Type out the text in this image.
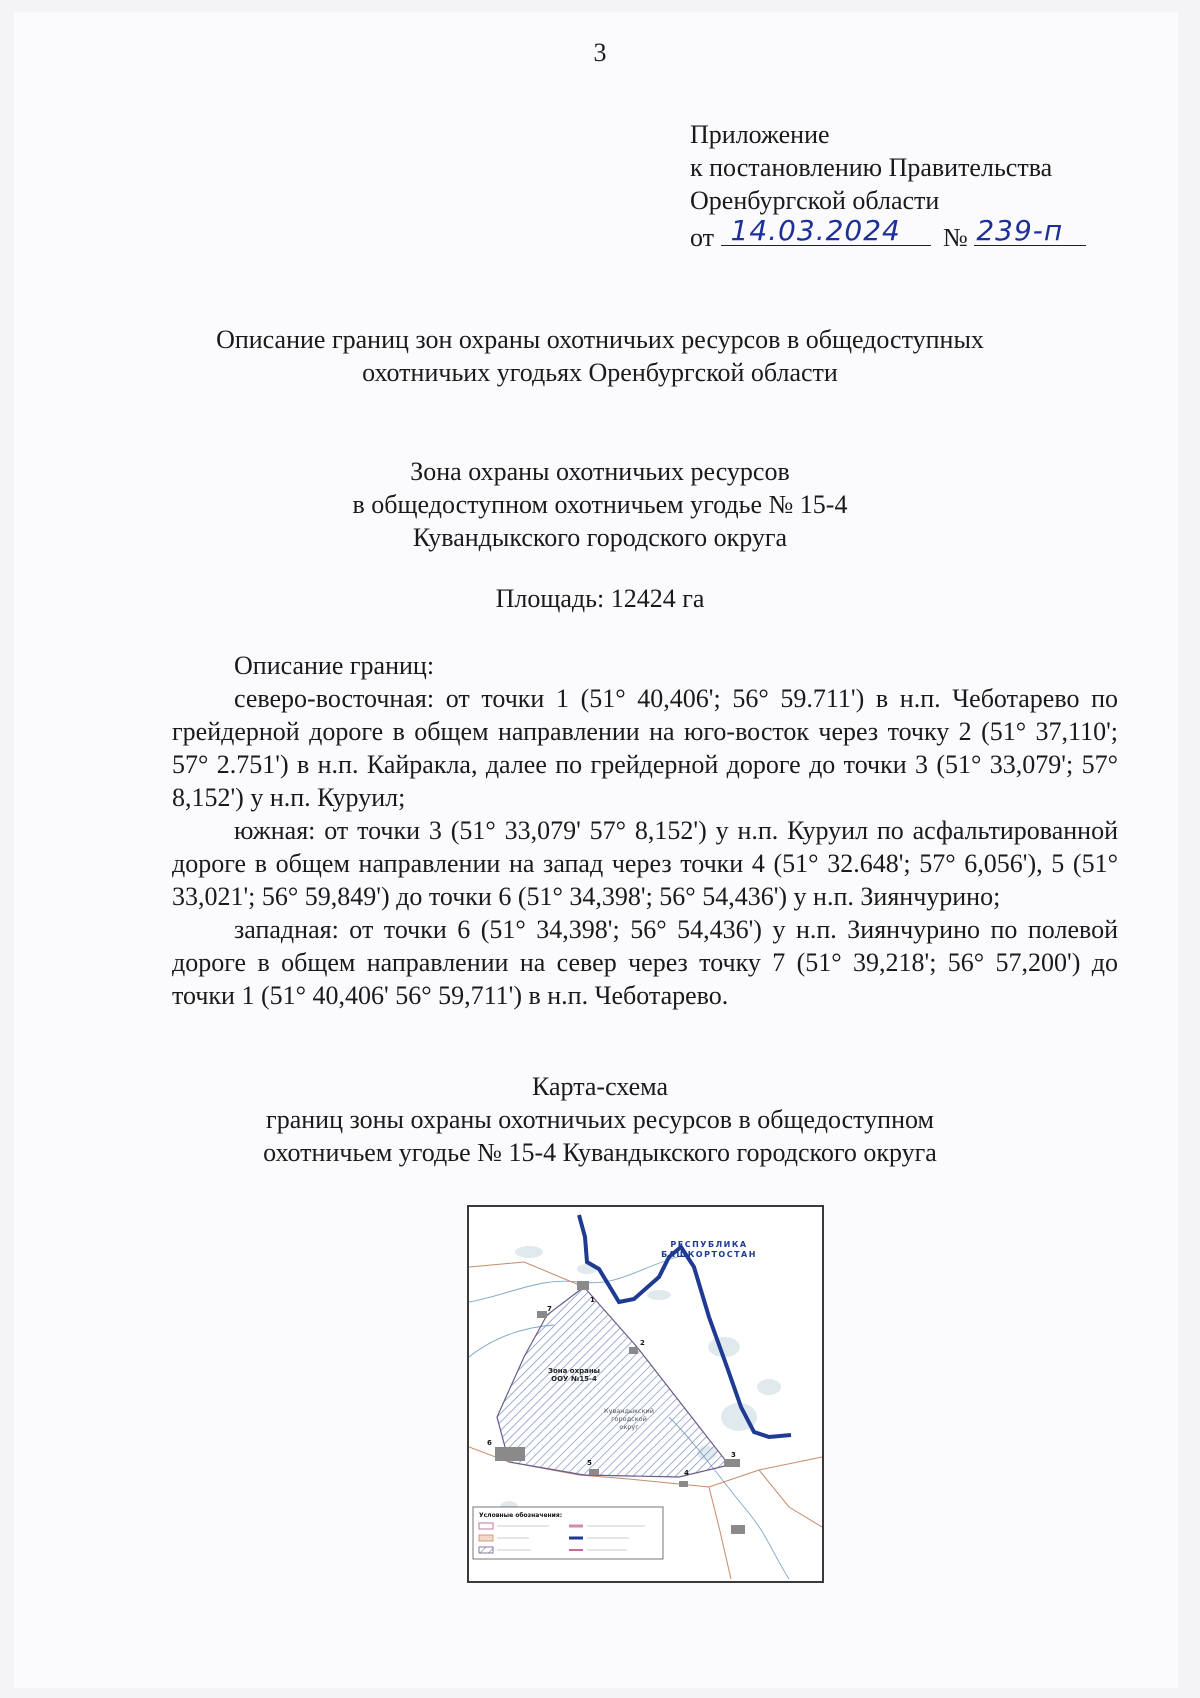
3
Приложение
к постановлению Правительства
Оренбургской области
от 14.03.2024 № 239-п
Описание границ зон охраны охотничьих ресурсов в общедоступных
охотничьих угодьях Оренбургской области
Зона охраны охотничьих ресурсов
в общедоступном охотничьем угодье № 15-4
Кувандыкского городского округа
Площадь: 12424 га

Описание границ:

северо-восточная: от точки 1 (51° 40,406'; 56° 59.711') в н.п. Чеботарево по грейдерной дороге в общем направлении на юго-восток через точку 2 (51° 37,110'; 57° 2.751') в н.п. Кайракла, далее по грейдерной дороге до точки 3 (51° 33,079'; 57° 8,152') у н.п. Куруил;

южная: от точки 3 (51° 33,079' 57° 8,152') у н.п. Куруил по асфальтированной дороге в общем направлении на запад через точки 4 (51° 32.648'; 57° 6,056'), 5 (51° 33,021'; 56° 59,849') до точки 6 (51° 34,398'; 56° 54,436') у н.п. Зиянчурино;

западная: от точки 6 (51° 34,398'; 56° 54,436') у н.п. Зиянчурино по полевой дороге в общем направлении на север через точку 7 (51° 39,218'; 56° 57,200') до точки 1 (51° 40,406' 56° 59,711') в н.п. Чеботарево.

Карта-схема
границ зоны охраны охотничьих ресурсов в общедоступном
охотничьем угодье № 15-4 Кувандыкского городского округа
РЕСПУБЛИКА
БАШКОРТОСТАН
Зона охраны
ООУ №15-4
Кувандыкский
городской
округ
1
2
3
4
5
6
7
Условные обозначения:
